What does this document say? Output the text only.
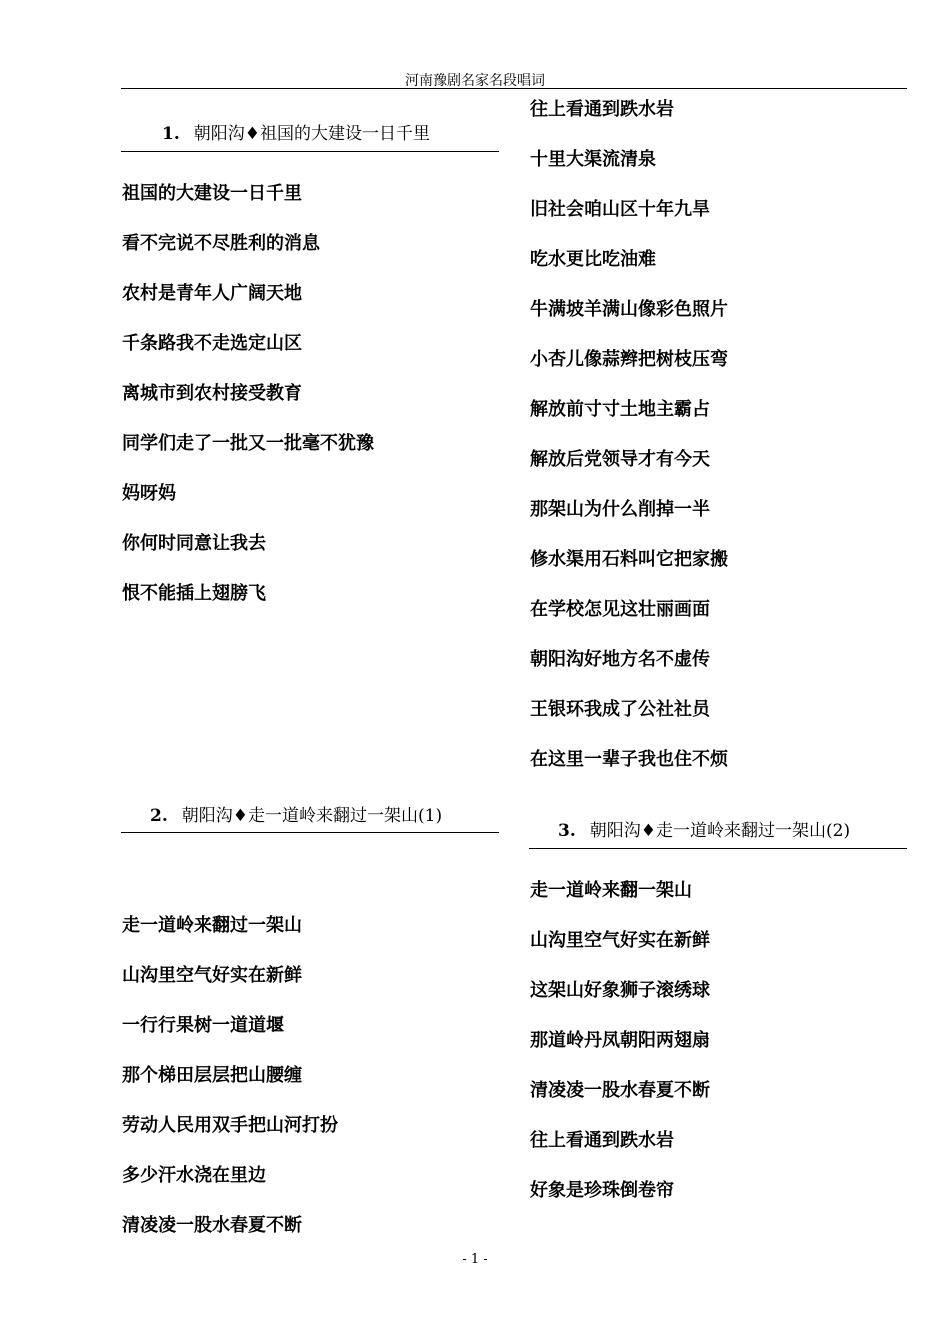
河南豫剧名家名段唱词
1. 朝阳沟♦祖国的大建设一日千里
祖国的大建设一日千里
看不完说不尽胜利的消息
农村是青年人广阔天地
千条路我不走选定山区
离城市到农村接受教育
同学们走了一批又一批毫不犹豫
妈呀妈
你何时同意让我去
恨不能插上翅膀飞
往上看通到跌水岩
十里大渠流清泉
旧社会咱山区十年九旱
吃水更比吃油难
牛满坡羊满山像彩色照片
小杏儿像蒜辫把树枝压弯
解放前寸寸土地主霸占
解放后党领导才有今天
那架山为什么削掉一半
修水渠用石料叫它把家搬
在学校怎见这壮丽画面
朝阳沟好地方名不虚传
王银环我成了公社社员
在这里一辈子我也住不烦
2. 朝阳沟♦走一道岭来翻过一架山(1)
走一道岭来翻过一架山
山沟里空气好实在新鲜
一行行果树一道道堰
那个梯田层层把山腰缠
劳动人民用双手把山河打扮
多少汗水浇在里边
清凌凌一股水春夏不断
3. 朝阳沟♦走一道岭来翻过一架山(2)
走一道岭来翻一架山
山沟里空气好实在新鲜
这架山好象狮子滚绣球
那道岭丹凤朝阳两翅扇
清凌凌一股水春夏不断
往上看通到跌水岩
好象是珍珠倒卷帘
- 1 -
